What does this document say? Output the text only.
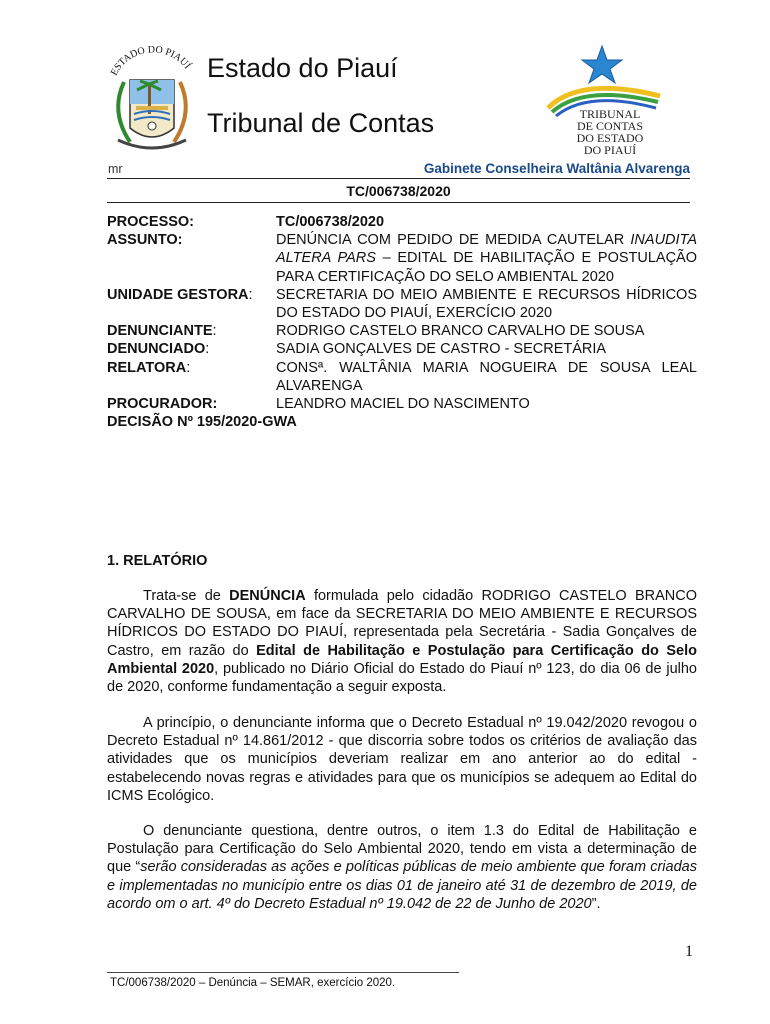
ESTADO DO PIAUÍ Estado do Piauí
Tribunal de Contas	TRIBUNAL
DE CONTAS
DO ESTADO
DO PIAUÍ
mr	Gabinete Conselheira Waltânia Alvarenga
TC/006738/2020
PROCESSO:	TC/006738/2020
ASSUNTO:	DENÚNCIA COM PEDIDO DE MEDIDA CAUTELAR INAUDITA ALTERA PARS – EDITAL DE HABILITAÇÃO E POSTULAÇÃO PARA CERTIFICAÇÃO DO SELO AMBIENTAL 2020
UNIDADE GESTORA:	SECRETARIA DO MEIO AMBIENTE E RECURSOS HÍDRICOS DO ESTADO DO PIAUÍ, EXERCÍCIO 2020
DENUNCIANTE:	RODRIGO CASTELO BRANCO CARVALHO DE SOUSA
DENUNCIADO:	SADIA GONÇALVES DE CASTRO - SECRETÁRIA
RELATORA:	CONSª. WALTÂNIA MARIA NOGUEIRA DE SOUSA LEAL ALVARENGA
PROCURADOR:	LEANDRO MACIEL DO NASCIMENTO
DECISÃO Nº 195/2020-GWA
1. RELATÓRIO

Trata-se de DENÚNCIA formulada pelo cidadão RODRIGO CASTELO BRANCO CARVALHO DE SOUSA, em face da SECRETARIA DO MEIO AMBIENTE E RECURSOS HÍDRICOS DO ESTADO DO PIAUÍ, representada pela Secretária - Sadia Gonçalves de Castro, em razão do Edital de Habilitação e Postulação para Certificação do Selo Ambiental 2020, publicado no Diário Oficial do Estado do Piauí nº 123, do dia 06 de julho de 2020, conforme fundamentação a seguir exposta.

A princípio, o denunciante informa que o Decreto Estadual nº 19.042/2020 revogou o Decreto Estadual nº 14.861/2012 - que discorria sobre todos os critérios de avaliação das atividades que os municípios deveriam realizar em ano anterior ao do edital - estabelecendo novas regras e atividades para que os municípios se adequem ao Edital do ICMS Ecológico.

O denunciante questiona, dentre outros, o item 1.3 do Edital de Habilitação e Postulação para Certificação do Selo Ambiental 2020, tendo em vista a determinação de que “serão consideradas as ações e políticas públicas de meio ambiente que foram criadas e implementadas no município entre os dias 01 de janeiro até 31 de dezembro de 2019, de acordo om o art. 4º do Decreto Estadual nº 19.042 de 22 de Junho de 2020”.

1
TC/006738/2020 – Denúncia – SEMAR, exercício 2020.
